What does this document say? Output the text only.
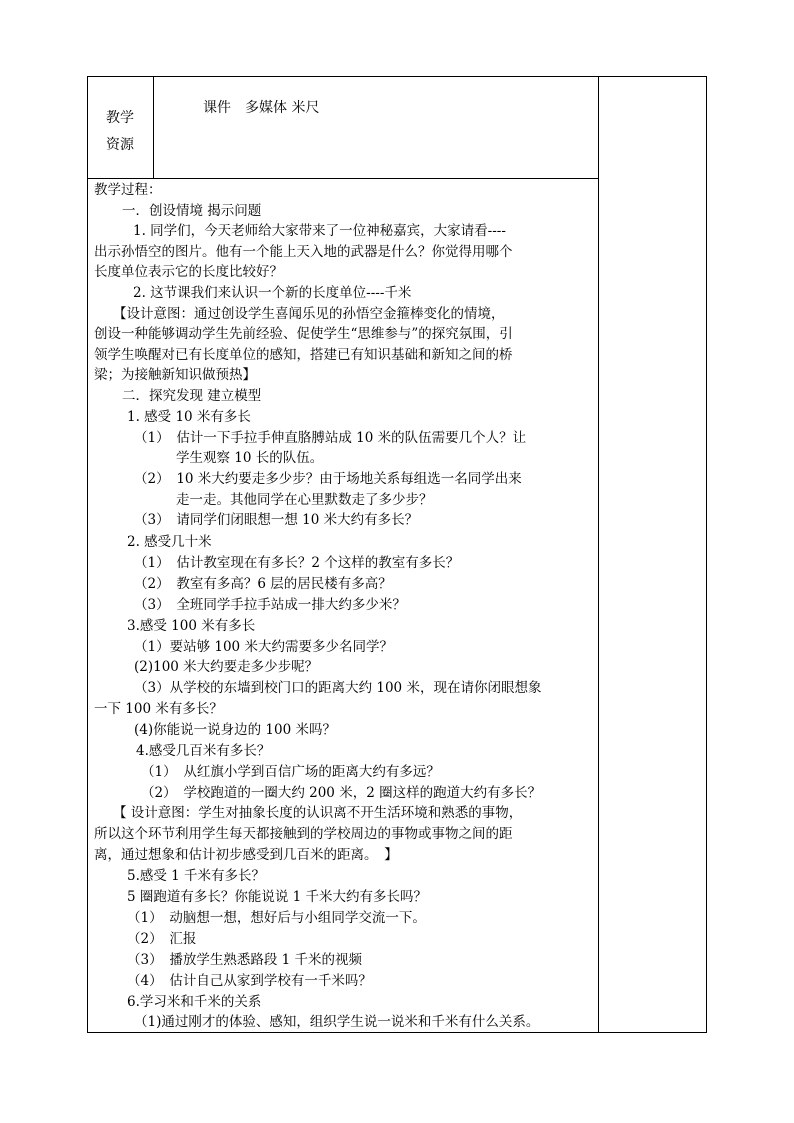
教学
资源
课件　多媒体 米尺
教学过程：
一．创设情境 揭示问题
1. 同学们，今天老师给大家带来了一位神秘嘉宾，大家请看----
出示孙悟空的图片。他有一个能上天入地的武器是什么？你觉得用哪个
长度单位表示它的长度比较好？
2. 这节课我们来认识一个新的长度单位----千米
【设计意图：通过创设学生喜闻乐见的孙悟空金箍棒变化的情境，
创设一种能够调动学生先前经验、促使学生“思维参与”的探究氛围，引
领学生唤醒对已有长度单位的感知，搭建已有知识基础和新知之间的桥
梁；为接触新知识做预热】
二．探究发现 建立模型
1. 感受 10 米有多长
（1）　估计一下手拉手伸直胳膊站成 10 米的队伍需要几个人？让
学生观察 10 长的队伍。
（2）　10 米大约要走多少步？由于场地关系每组选一名同学出来
走一走。其他同学在心里默数走了多少步？
（3）　请同学们闭眼想一想 10 米大约有多长？
2. 感受几十米
（1）　估计教室现在有多长？2 个这样的教室有多长？
（2）　教室有多高？6 层的居民楼有多高？
（3）　全班同学手拉手站成一排大约多少米？
3.感受 100 米有多长
（1）要站够 100 米大约需要多少名同学？
(2)100 米大约要走多少步呢？
（3）从学校的东墙到校门口的距离大约 100 米，现在请你闭眼想象
一下 100 米有多长？
(4)你能说一说身边的 100 米吗？
4.感受几百米有多长？
（1）　从红旗小学到百信广场的距离大约有多远？
（2）　学校跑道的一圈大约 200 米，2 圈这样的跑道大约有多长？
【 设计意图：学生对抽象长度的认识离不开生活环境和熟悉的事物，
所以这个环节利用学生每天都接触到的学校周边的事物或事物之间的距
离，通过想象和估计初步感受到几百米的距离。　】
5.感受 1 千米有多长？
5 圈跑道有多长？你能说说 1 千米大约有多长吗？
（1）　动脑想一想，想好后与小组同学交流一下。
（2）　汇报
（3）　播放学生熟悉路段 1 千米的视频
（4）　估计自己从家到学校有一千米吗？
6.学习米和千米的关系
（1)通过刚才的体验、感知，组织学生说一说米和千米有什么关系。
